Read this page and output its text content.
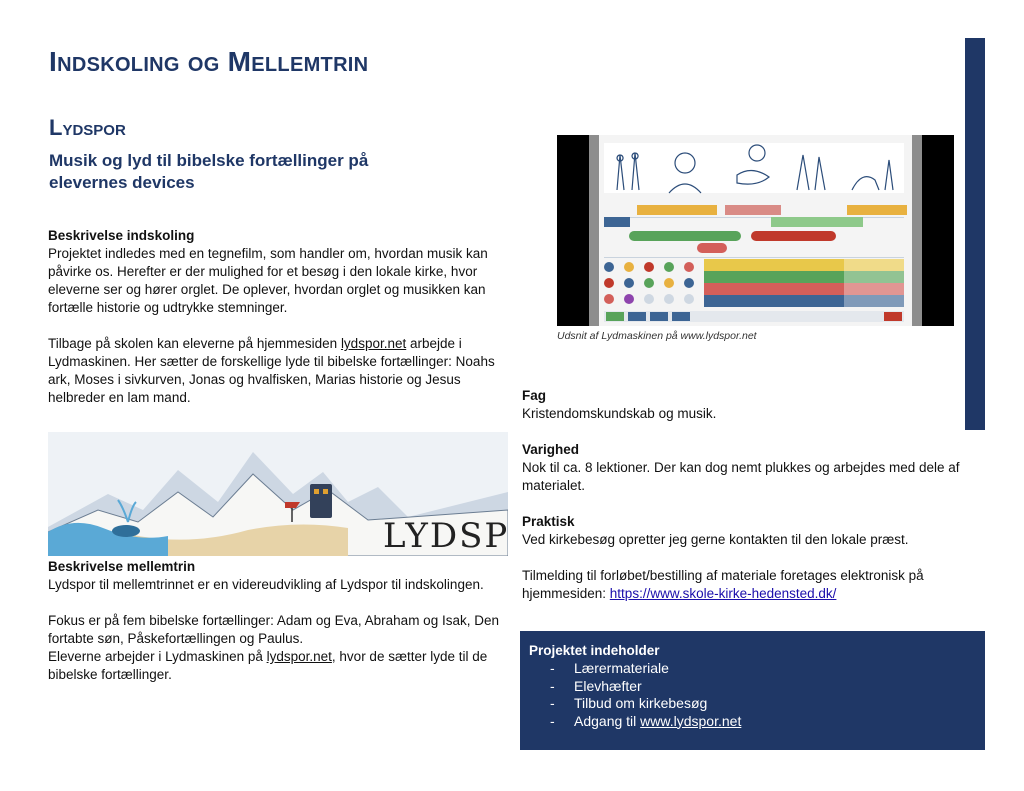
Indskoling og Mellemtrin
Lydspor
Musik og lyd til bibelske fortællinger på elevernes devices
Beskrivelse indskoling
Projektet indledes med en tegnefilm, som handler om, hvordan musik kan påvirke os. Herefter er der mulighed for et besøg i den lokale kirke, hvor eleverne ser og hører orglet. De oplever, hvordan orglet og musikken kan fortælle historie og udtrykke stemninger.
Tilbage på skolen kan eleverne på hjemmesiden lydspor.net arbejde i Lydmaskinen. Her sætter de forskellige lyde til bibelske fortællinger: Noahs ark, Moses i sivkurven, Jonas og hvalfisken, Marias historie og Jesus helbreder en lam mand.
LYDSP
Beskrivelse mellemtrin
Lydspor til mellemtrinnet er en videreudvikling af Lydspor til indskolingen.
Fokus er på fem bibelske fortællinger: Adam og Eva, Abraham og Isak, Den fortabte søn, Påskefortællingen og Paulus.
Eleverne arbejder i Lydmaskinen på lydspor.net, hvor de sætter lyde til de bibelske fortællinger.
Udsnit af Lydmaskinen på www.lydspor.net
Fag
Kristendomskundskab og musik.
Varighed
Nok til ca. 8 lektioner. Der kan dog nemt plukkes og arbejdes med dele af materialet.
Praktisk
Ved kirkebesøg opretter jeg gerne kontakten til den lokale præst.
Tilmelding til forløbet/bestilling af materiale foretages elektronisk på hjemmesiden: https://www.skole-kirke-hedensted.dk/
Projektet indeholder
- Lærermateriale
- Elevhæfter
- Tilbud om kirkebesøg
- Adgang til www.lydspor.net
